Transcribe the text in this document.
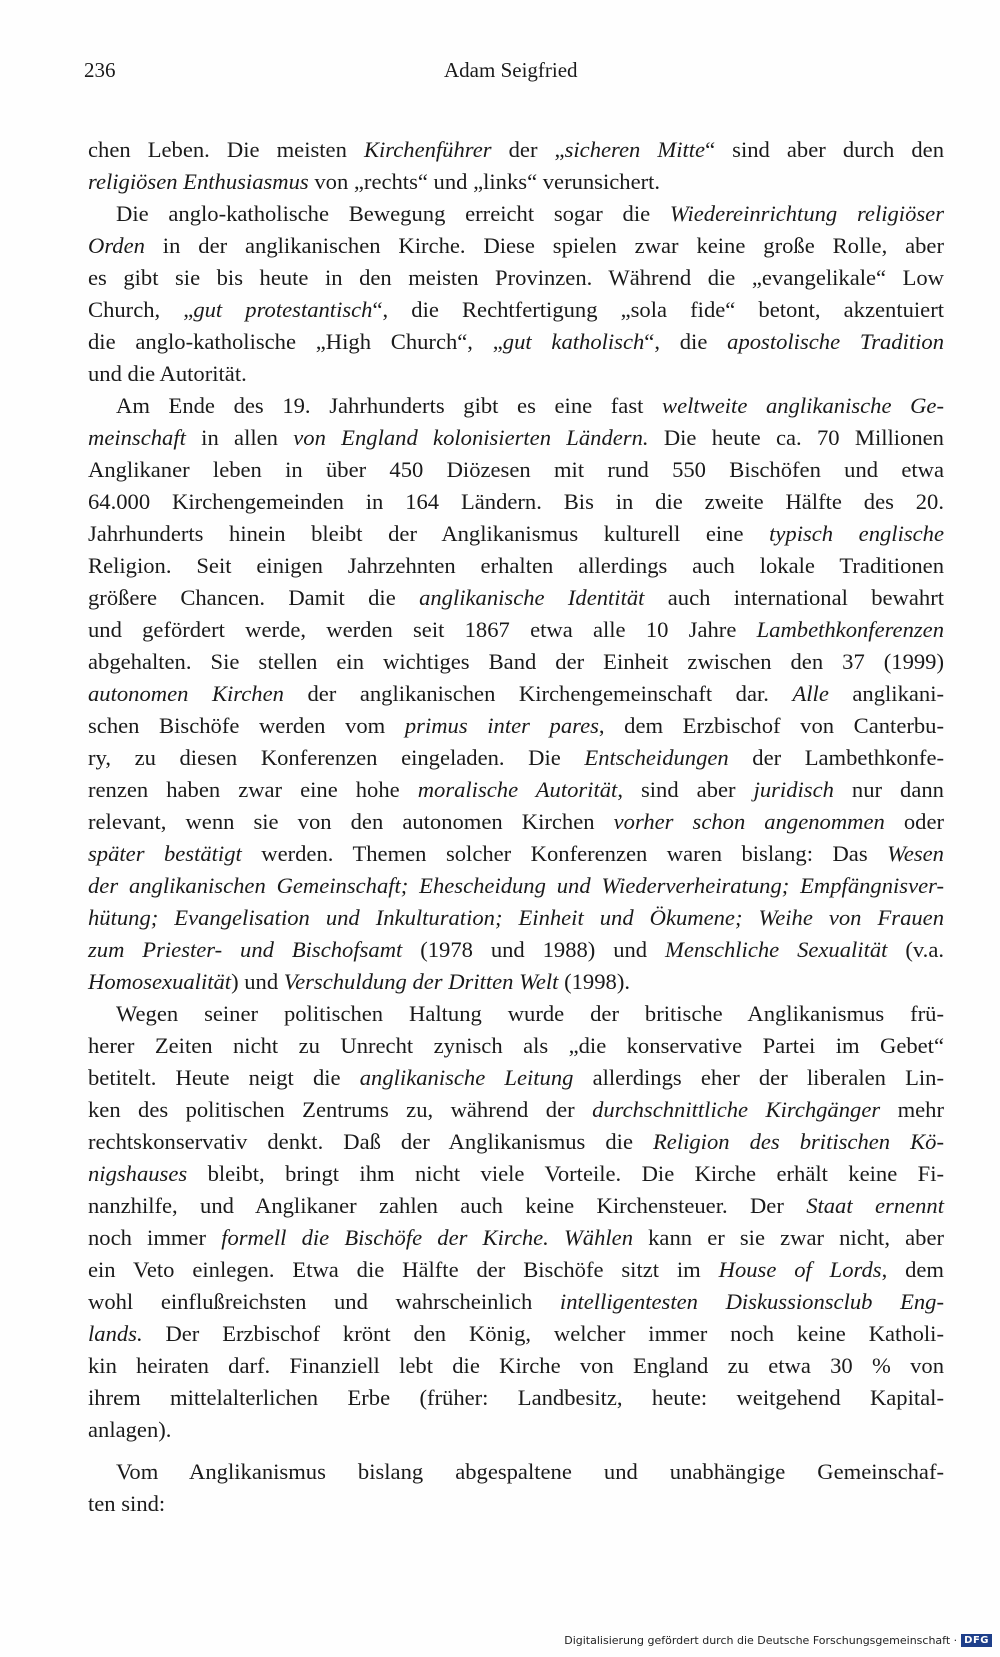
236	Adam Seigfried
chen Leben. Die meisten Kirchenführer der „sicheren Mitte“ sind aber durch den
religiösen Enthusiasmus von „rechts“ und „links“ verunsichert.
Die anglo-katholische Bewegung erreicht sogar die Wiedereinrichtung religiöser
Orden in der anglikanischen Kirche. Diese spielen zwar keine große Rolle, aber
es gibt sie bis heute in den meisten Provinzen. Während die „evangelikale“ Low
Church, „gut protestantisch“, die Rechtfertigung „sola fide“ betont, akzentuiert
die anglo-katholische „High Church“, „gut katholisch“, die apostolische Tradition
und die Autorität.
Am Ende des 19. Jahrhunderts gibt es eine fast weltweite anglikanische Ge-
meinschaft in allen von England kolonisierten Ländern. Die heute ca. 70 Millionen
Anglikaner leben in über 450 Diözesen mit rund 550 Bischöfen und etwa
64.000 Kirchengemeinden in 164 Ländern. Bis in die zweite Hälfte des 20.
Jahrhunderts hinein bleibt der Anglikanismus kulturell eine typisch englische
Religion. Seit einigen Jahrzehnten erhalten allerdings auch lokale Traditionen
größere Chancen. Damit die anglikanische Identität auch international bewahrt
und gefördert werde, werden seit 1867 etwa alle 10 Jahre Lambethkonferenzen
abgehalten. Sie stellen ein wichtiges Band der Einheit zwischen den 37 (1999)
autonomen Kirchen der anglikanischen Kirchengemeinschaft dar. Alle anglikani-
schen Bischöfe werden vom primus inter pares, dem Erzbischof von Canterbu-
ry, zu diesen Konferenzen eingeladen. Die Entscheidungen der Lambethkonfe-
renzen haben zwar eine hohe moralische Autorität, sind aber juridisch nur dann
relevant, wenn sie von den autonomen Kirchen vorher schon angenommen oder
später bestätigt werden. Themen solcher Konferenzen waren bislang: Das Wesen
der anglikanischen Gemeinschaft; Ehescheidung und Wiederverheiratung; Empfängnisver-
hütung; Evangelisation und Inkulturation; Einheit und Ökumene; Weihe von Frauen
zum Priester- und Bischofsamt (1978 und 1988) und Menschliche Sexualität (v.a.
Homosexualität) und Verschuldung der Dritten Welt (1998).
Wegen seiner politischen Haltung wurde der britische Anglikanismus frü-
herer Zeiten nicht zu Unrecht zynisch als „die konservative Partei im Gebet“
betitelt. Heute neigt die anglikanische Leitung allerdings eher der liberalen Lin-
ken des politischen Zentrums zu, während der durchschnittliche Kirchgänger mehr
rechtskonservativ denkt. Daß der Anglikanismus die Religion des britischen Kö-
nigshauses bleibt, bringt ihm nicht viele Vorteile. Die Kirche erhält keine Fi-
nanzhilfe, und Anglikaner zahlen auch keine Kirchensteuer. Der Staat ernennt
noch immer formell die Bischöfe der Kirche. Wählen kann er sie zwar nicht, aber
ein Veto einlegen. Etwa die Hälfte der Bischöfe sitzt im House of Lords, dem
wohl einflußreichsten und wahrscheinlich intelligentesten Diskussionsclub Eng-
lands. Der Erzbischof krönt den König, welcher immer noch keine Katholi-
kin heiraten darf. Finanziell lebt die Kirche von England zu etwa 30 % von
ihrem mittelalterlichen Erbe (früher: Landbesitz, heute: weitgehend Kapital-
anlagen).
Vom Anglikanismus bislang abgespaltene und unabhängige Gemeinschaf-
ten sind:
Digitalisierung gefördert durch die Deutsche Forschungsgemeinschaft · DFG
